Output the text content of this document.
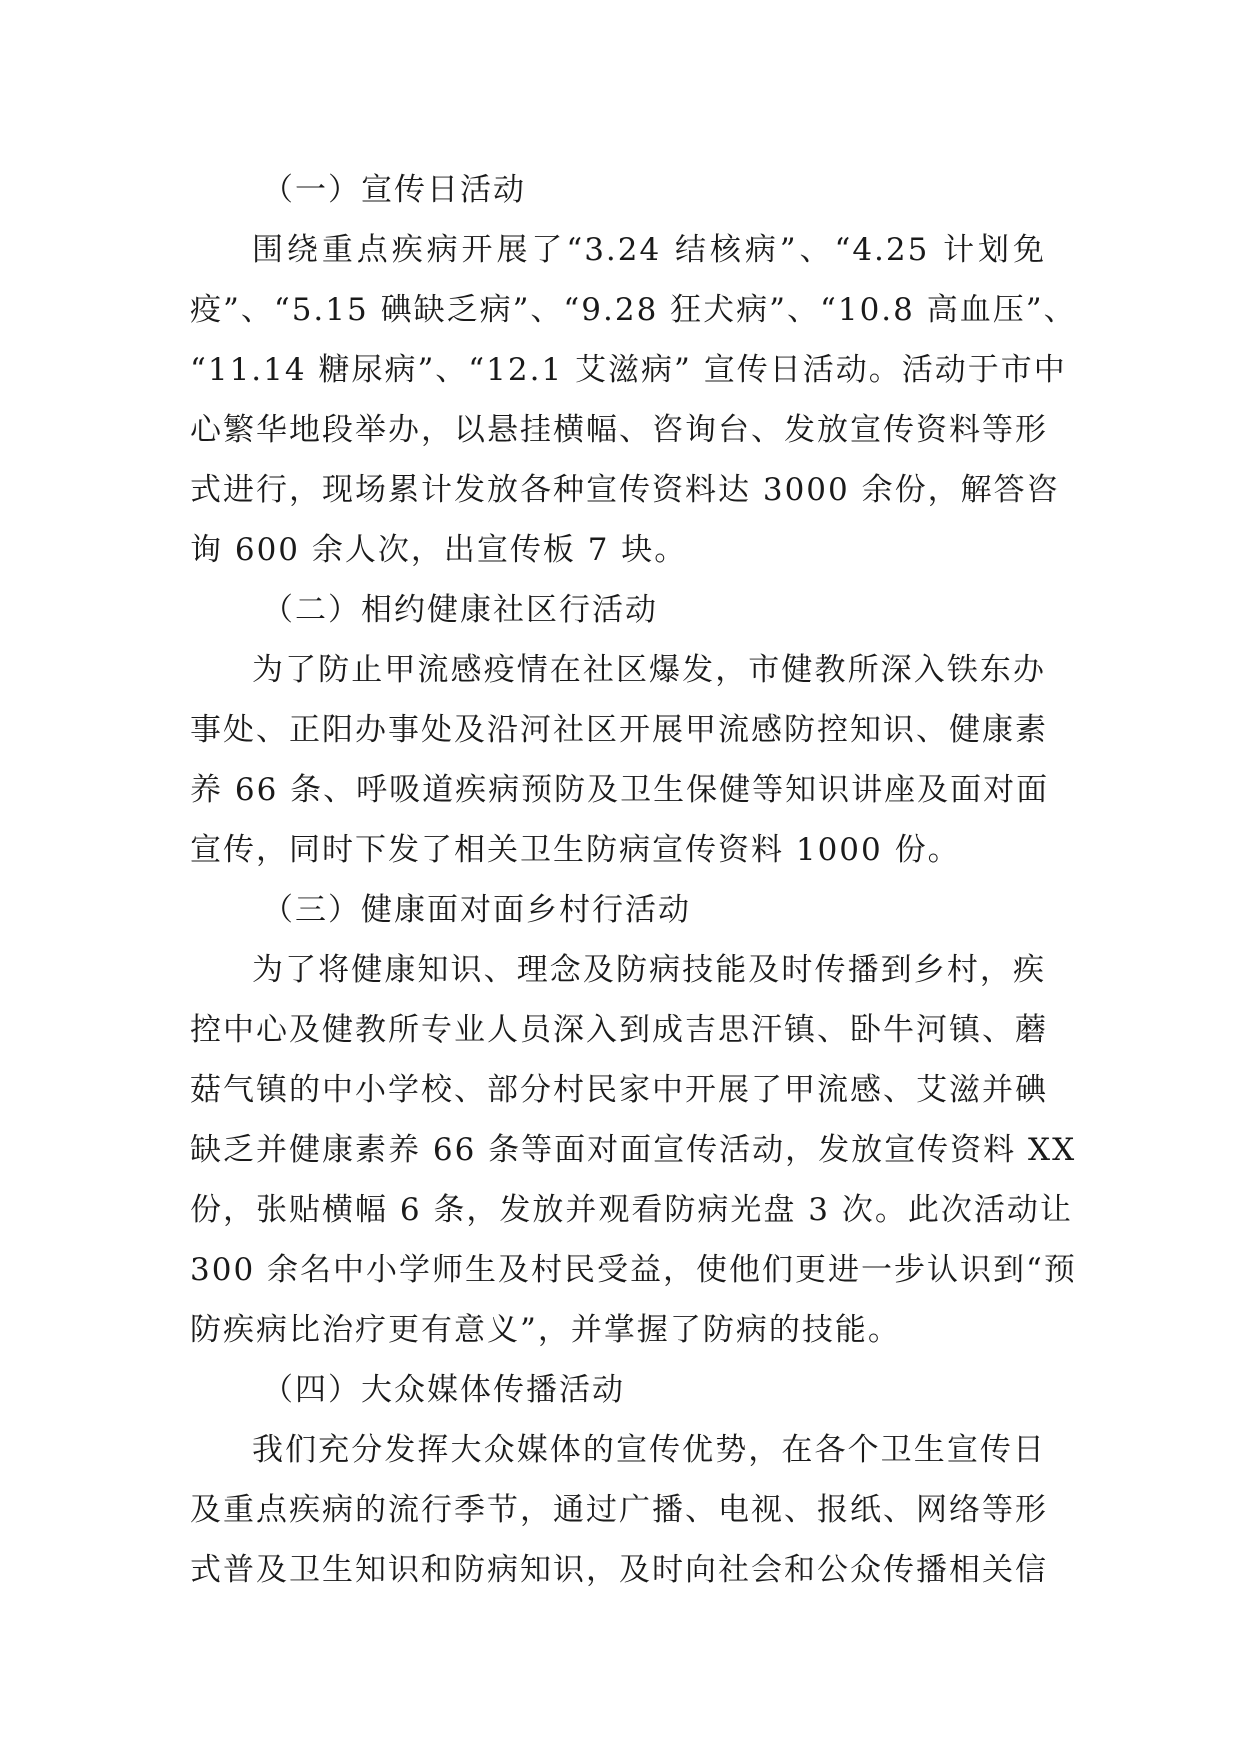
（一）宣传日活动
围绕重点疾病开展了“3.24 结核病”、“4.25 计划免
疫”、“5.15 碘缺乏病”、“9.28 狂犬病”、“10.8 高血压”、
“11.14 糖尿病”、“12.1 艾滋病” 宣传日活动。活动于市中
心繁华地段举办，以悬挂横幅、咨询台、发放宣传资料等形
式进行，现场累计发放各种宣传资料达 3000 余份，解答咨
询 600 余人次，出宣传板 7 块。
（二）相约健康社区行活动
为了防止甲流感疫情在社区爆发，市健教所深入铁东办
事处、正阳办事处及沿河社区开展甲流感防控知识、健康素
养 66 条、呼吸道疾病预防及卫生保健等知识讲座及面对面
宣传，同时下发了相关卫生防病宣传资料 1000 份。
（三）健康面对面乡村行活动
为了将健康知识、理念及防病技能及时传播到乡村，疾
控中心及健教所专业人员深入到成吉思汗镇、卧牛河镇、蘑
菇气镇的中小学校、部分村民家中开展了甲流感、艾滋并碘
缺乏并健康素养 66 条等面对面宣传活动，发放宣传资料 XX
份，张贴横幅 6 条，发放并观看防病光盘 3 次。此次活动让
300 余名中小学师生及村民受益，使他们更进一步认识到“预
防疾病比治疗更有意义”，并掌握了防病的技能。
（四）大众媒体传播活动
我们充分发挥大众媒体的宣传优势，在各个卫生宣传日
及重点疾病的流行季节，通过广播、电视、报纸、网络等形
式普及卫生知识和防病知识，及时向社会和公众传播相关信
